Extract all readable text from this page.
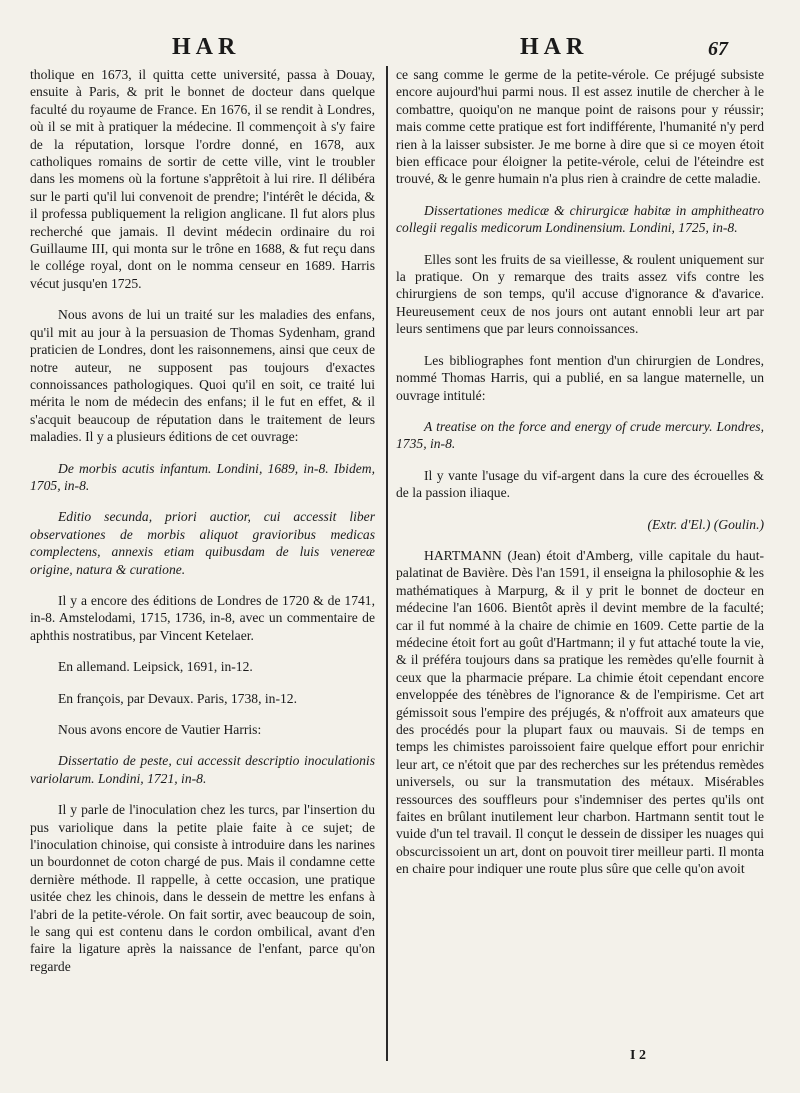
HAR	HAR	67

tholique en 1673, il quitta cette université, passa à Douay, ensuite à Paris, & prit le bonnet de docteur dans quelque faculté du royaume de France. En 1676, il se rendit à Londres, où il se mit à pratiquer la médecine. Il commençoit à s'y faire de la réputation, lorsque l'ordre donné, en 1678, aux catholiques romains de sortir de cette ville, vint le troubler dans les momens où la fortune s'apprêtoit à lui rire. Il délibéra sur le parti qu'il lui convenoit de prendre; l'intérêt le décida, & il professa publiquement la religion anglicane. Il fut alors plus recherché que jamais. Il devint médecin ordinaire du roi Guillaume III, qui monta sur le trône en 1688, & fut reçu dans le collége royal, dont on le nomma censeur en 1689. Harris vécut jusqu'en 1725.

Nous avons de lui un traité sur les maladies des enfans, qu'il mit au jour à la persuasion de Thomas Sydenham, grand praticien de Londres, dont les raisonnemens, ainsi que ceux de notre auteur, ne supposent pas toujours d'exactes connoissances pathologiques. Quoi qu'il en soit, ce traité lui mérita le nom de médecin des enfans; il le fut en effet, & il s'acquit beaucoup de réputation dans le traitement de leurs maladies. Il y a plusieurs éditions de cet ouvrage:

De morbis acutis infantum. Londini, 1689, in-8. Ibidem, 1705, in-8.

Editio secunda, priori auctior, cui accessit liber observationes de morbis aliquot gravioribus medicas complectens, annexis etiam quibusdam de luis venereæ origine, natura & curatione.

Il y a encore des éditions de Londres de 1720 & de 1741, in-8. Amstelodami, 1715, 1736, in-8, avec un commentaire de aphthis nostratibus, par Vincent Ketelaer.

En allemand. Leipsick, 1691, in-12.

En françois, par Devaux. Paris, 1738, in-12.

Nous avons encore de Vautier Harris:

Dissertatio de peste, cui accessit descriptio inoculationis variolarum. Londini, 1721, in-8.

Il y parle de l'inoculation chez les turcs, par l'insertion du pus variolique dans la petite plaie faite à ce sujet; de l'inoculation chinoise, qui consiste à introduire dans les narines un bourdonnet de coton chargé de pus. Mais il condamne cette dernière méthode. Il rappelle, à cette occasion, une pratique usitée chez les chinois, dans le dessein de mettre les enfans à l'abri de la petite-vérole. On fait sortir, avec beaucoup de soin, le sang qui est contenu dans le cordon ombilical, avant d'en faire la ligature après la naissance de l'enfant, parce qu'on regarde

ce sang comme le germe de la petite-vérole. Ce préjugé subsiste encore aujourd'hui parmi nous. Il est assez inutile de chercher à le combattre, quoiqu'on ne manque point de raisons pour y réussir; mais comme cette pratique est fort indifférente, l'humanité n'y perd rien à la laisser subsister. Je me borne à dire que si ce moyen étoit bien efficace pour éloigner la petite-vérole, celui de l'éteindre est trouvé, & le genre humain n'a plus rien à craindre de cette maladie.

Dissertationes medicæ & chirurgicæ habitæ in amphitheatro collegii regalis medicorum Londinensium. Londini, 1725, in-8.

Elles sont les fruits de sa vieillesse, & roulent uniquement sur la pratique. On y remarque des traits assez vifs contre les chirurgiens de son temps, qu'il accuse d'ignorance & d'avarice. Heureusement ceux de nos jours ont autant ennobli leur art par leurs sentimens que par leurs connoissances.

Les bibliographes font mention d'un chirurgien de Londres, nommé Thomas Harris, qui a publié, en sa langue maternelle, un ouvrage intitulé:

A treatise on the force and energy of crude mercury. Londres, 1735, in-8.

Il y vante l'usage du vif-argent dans la cure des écrouelles & de la passion iliaque.

(Extr. d'El.) (Goulin.)

HARTMANN (Jean) étoit d'Amberg, ville capitale du haut-palatinat de Bavière. Dès l'an 1591, il enseigna la philosophie & les mathématiques à Marpurg, & il y prit le bonnet de docteur en médecine l'an 1606. Bientôt après il devint membre de la faculté; car il fut nommé à la chaire de chimie en 1609. Cette partie de la médecine étoit fort au goût d'Hartmann; il y fut attaché toute la vie, & il préféra toujours dans sa pratique les remèdes qu'elle fournit à ceux que la pharmacie prépare. La chimie étoit cependant encore enveloppée des ténèbres de l'ignorance & de l'empirisme. Cet art gémissoit sous l'empire des préjugés, & n'offroit aux amateurs que des procédés pour la plupart faux ou mauvais. Si de temps en temps les chimistes paroissoient faire quelque effort pour enrichir leur art, ce n'étoit que par des recherches sur les prétendus remèdes universels, ou sur la transmutation des métaux. Misérables ressources des souffleurs pour s'indemniser des pertes qu'ils ont faites en brûlant inutilement leur charbon. Hartmann sentit tout le vuide d'un tel travail. Il conçut le dessein de dissiper les nuages qui obscurcissoient un art, dont on pouvoit tirer meilleur parti. Il monta en chaire pour indiquer une route plus sûre que celle qu'on avoit

I 2
